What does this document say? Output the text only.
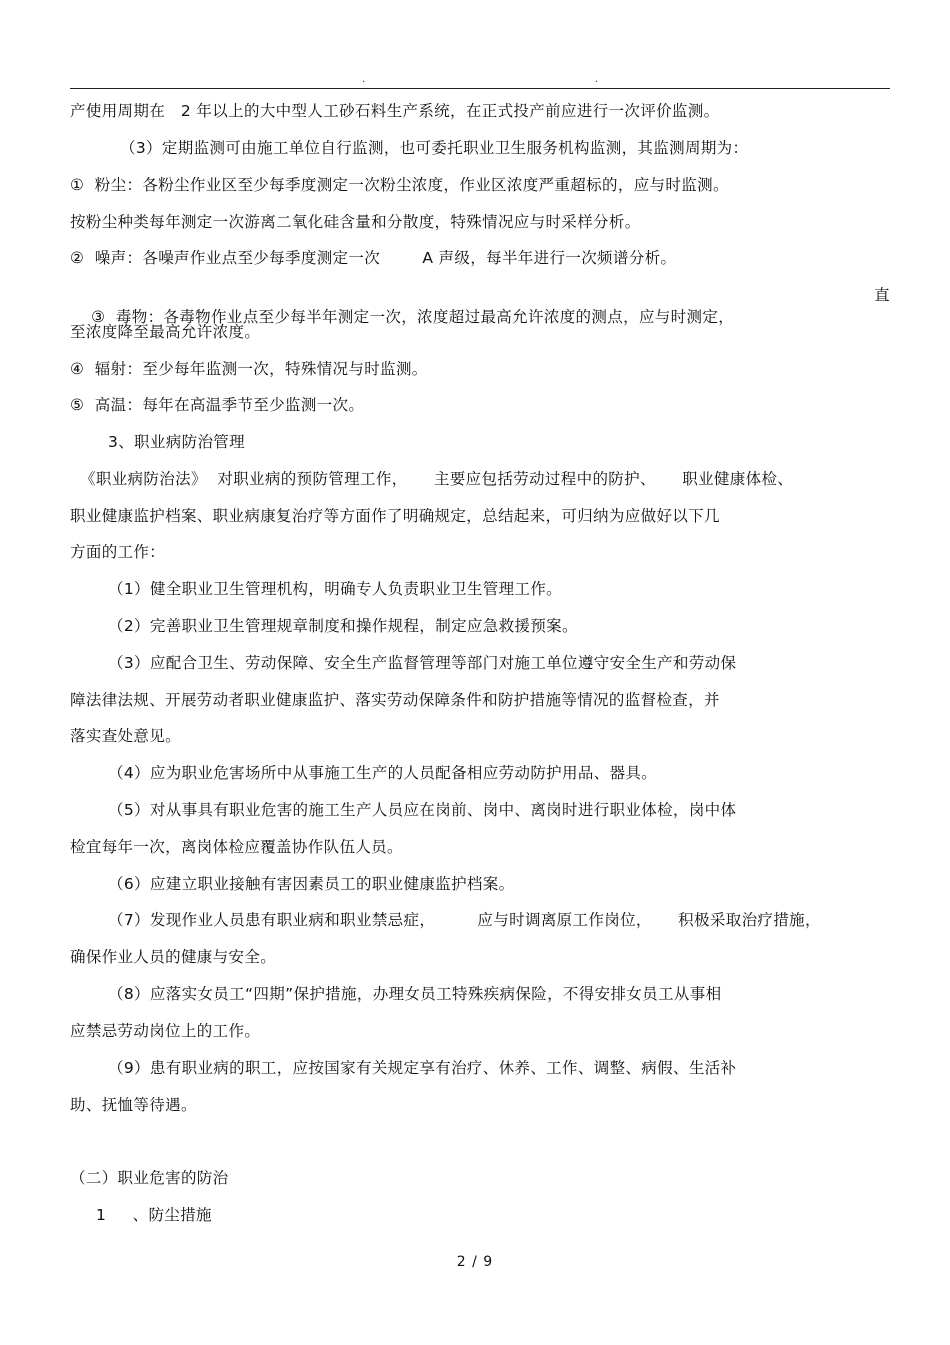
.	.
产使用周期在   2 年以上的大中型人工砂石料生产系统，在正式投产前应进行一次评价监测。
（3）定期监测可由施工单位自行监测，也可委托职业卫生服务机构监测，其监测周期为：
①  粉尘：各粉尘作业区至少每季度测定一次粉尘浓度，作业区浓度严重超标的，应与时监测。
按粉尘种类每年测定一次游离二氧化硅含量和分散度，特殊情况应与时采样分析。
②  噪声：各噪声作业点至少每季度测定一次        A 声级，每半年进行一次频谱分析。

③  毒物：各毒物作业点至少每半年测定一次，浓度超过最高允许浓度的测点，应与时测定，

直

至浓度降至最高允许浓度。
④  辐射：至少每年监测一次，特殊情况与时监测。
⑤  高温：每年在高温季节至少监测一次。
3、职业病防治管理
《职业病防治法》  对职业病的预防管理工作，     主要应包括劳动过程中的防护、     职业健康体检、
职业健康监护档案、职业病康复治疗等方面作了明确规定，总结起来，可归纳为应做好以下几
方面的工作：
（1）健全职业卫生管理机构，明确专人负责职业卫生管理工作。
（2）完善职业卫生管理规章制度和操作规程，制定应急救援预案。
（3）应配合卫生、劳动保障、安全生产监督管理等部门对施工单位遵守安全生产和劳动保
障法律法规、开展劳动者职业健康监护、落实劳动保障条件和防护措施等情况的监督检查，并
落实查处意见。
（4）应为职业危害场所中从事施工生产的人员配备相应劳动防护用品、器具。
（5）对从事具有职业危害的施工生产人员应在岗前、岗中、离岗时进行职业体检，岗中体
检宜每年一次，离岗体检应覆盖协作队伍人员。
（6）应建立职业接触有害因素员工的职业健康监护档案。
（7）发现作业人员患有职业病和职业禁忌症，        应与时调离原工作岗位，     积极采取治疗措施，
确保作业人员的健康与安全。
（8）应落实女员工“四期”保护措施，办理女员工特殊疾病保险，不得安排女员工从事相
应禁忌劳动岗位上的工作。
（9）患有职业病的职工，应按国家有关规定享有治疗、休养、工作、调整、病假、生活补
助、抚恤等待遇。
（二）职业危害的防治
1     、防尘措施
2 / 9
